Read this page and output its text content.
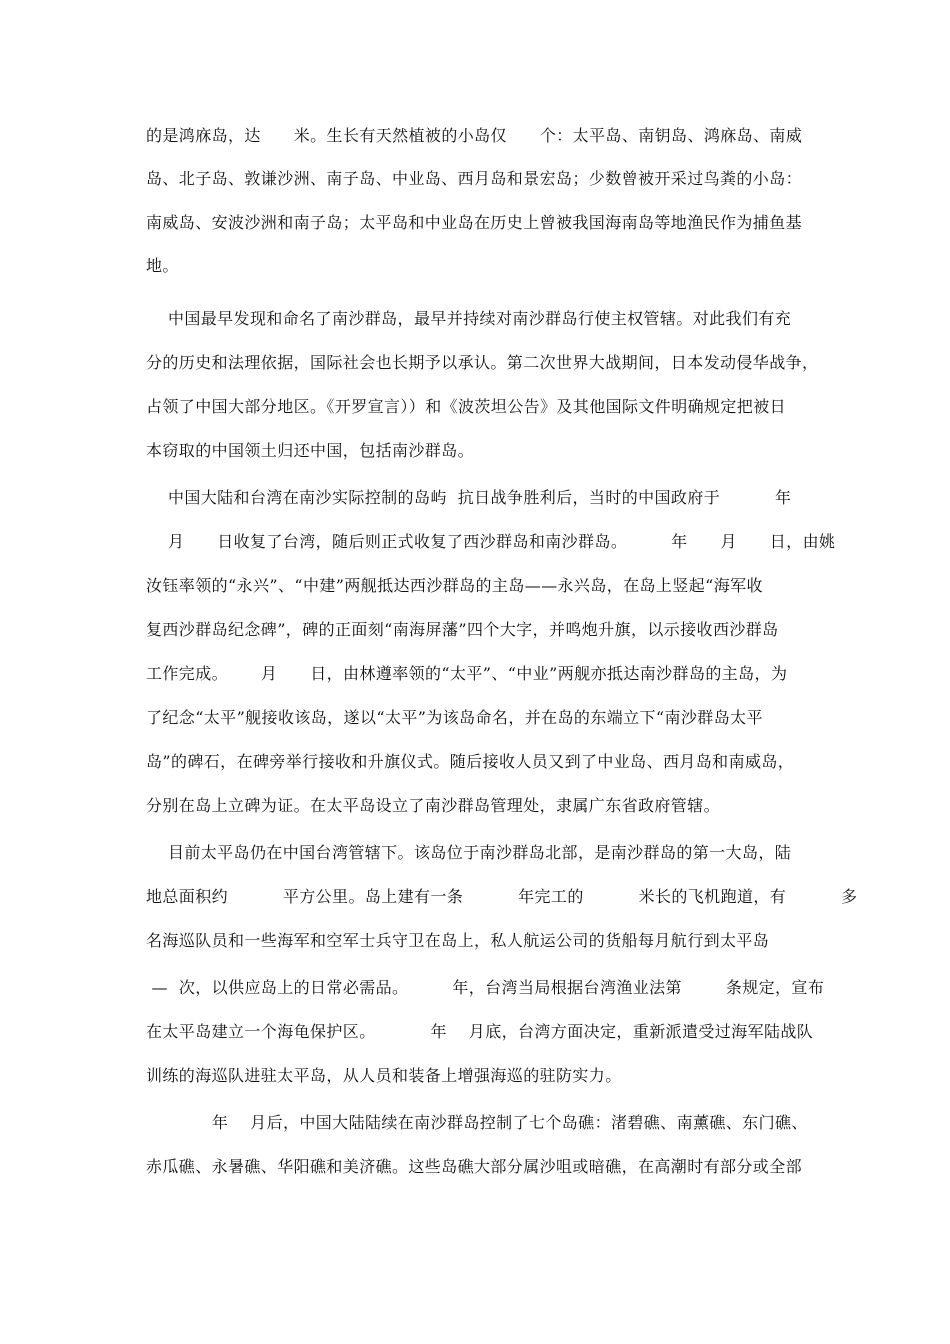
的是鸿庥岛，达      米。生长有天然植被的小岛仅      个：太平岛、南钥岛、鸿庥岛、南威
岛、北子岛、敦谦沙洲、南子岛、中业岛、西月岛和景宏岛；少数曾被开采过鸟粪的小岛：
南威岛、安波沙洲和南子岛；太平岛和中业岛在历史上曾被我国海南岛等地渔民作为捕鱼基
地。
中国最早发现和命名了南沙群岛，最早并持续对南沙群岛行使主权管辖。对此我们有充
分的历史和法理依据，国际社会也长期予以承认。第二次世界大战期间，日本发动侵华战争，
占领了中国大部分地区。《开罗宣言））和《波茨坦公告》及其他国际文件明确规定把被日
本窃取的中国领土归还中国，包括南沙群岛。
中国大陆和台湾在南沙实际控制的岛屿  抗日战争胜利后，当时的中国政府于          年
月      日收复了台湾，随后则正式收复了西沙群岛和南沙群岛。        年      月      日，由姚
汝钰率领的“永兴”、“中建”两舰抵达西沙群岛的主岛——永兴岛，在岛上竖起“海军收
复西沙群岛纪念碑”，碑的正面刻“南海屏藩”四个大字，并鸣炮升旗，以示接收西沙群岛
工作完成。      月      日，由林遵率领的“太平”、“中业”两舰亦抵达南沙群岛的主岛，为
了纪念“太平”舰接收该岛，遂以“太平”为该岛命名，并在岛的东端立下“南沙群岛太平
岛”的碑石，在碑旁举行接收和升旗仪式。随后接收人员又到了中业岛、西月岛和南威岛，
分别在岛上立碑为证。在太平岛设立了南沙群岛管理处，隶属广东省政府管辖。
目前太平岛仍在中国台湾管辖下。该岛位于南沙群岛北部，是南沙群岛的第一大岛，陆
地总面积约          平方公里。岛上建有一条          年完工的          米长的飞机跑道，有          多
名海巡队员和一些海军和空军士兵守卫在岛上，私人航运公司的货船每月航行到太平岛
—  次，以供应岛上的日常必需品。        年，台湾当局根据台湾渔业法第        条规定，宣布
在太平岛建立一个海龟保护区。          年    月底，台湾方面决定，重新派遣受过海军陆战队
训练的海巡队进驻太平岛，从人员和装备上增强海巡的驻防实力。
年    月后，中国大陆陆续在南沙群岛控制了七个岛礁：渚碧礁、南薰礁、东门礁、
赤瓜礁、永暑礁、华阳礁和美济礁。这些岛礁大部分属沙咀或暗礁，在高潮时有部分或全部
